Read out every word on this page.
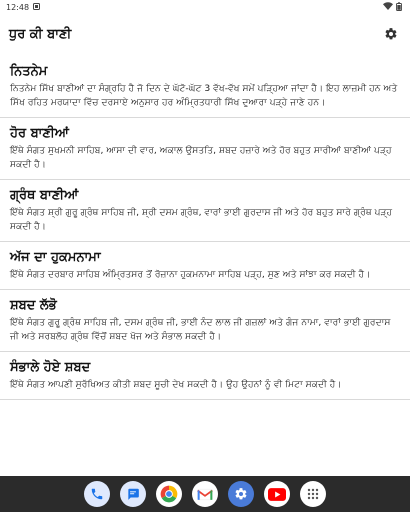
12:48
ਧੁਰ ਕੀ ਬਾਣੀ
ਨਿਤਨੇਮ
ਨਿਤਨੇਮ ਸਿੱਖ ਬਾਣੀਆਂ ਦਾ ਸੰਗ੍ਰਹਿ ਹੈ ਜੋ ਦਿਨ ਦੇ ਘੱਟੋ-ਘੱਟ 3 ਵੱਖ-ਵੱਖ ਸਮੇਂ ਪੜ੍ਹਿਆ ਜਾਂਦਾ ਹੈ। ਇਹ ਲਾਜ਼ਮੀ ਹਨ ਅਤੇ ਸਿੱਖ ਰਹਿਤ ਮਰਯਾਦਾ ਵਿੱਚ ਦਰਸਾਏ ਅਨੁਸਾਰ ਹਰ ਅੰਮ੍ਰਿਤਧਾਰੀ ਸਿੱਖ ਦੁਆਰਾ ਪੜ੍ਹੇ ਜਾਣੇ ਹਨ।
ਹੋਰ ਬਾਣੀਆਂ
ਇੱਥੇ ਸੰਗਤ ਸੁਖਮਨੀ ਸਾਹਿਬ, ਆਸਾ ਦੀ ਵਾਰ, ਅਕਾਲ ਉਸਤਤਿ, ਸ਼ਬਦ ਹਜ਼ਾਰੇ ਅਤੇ ਹੋਰ ਬਹੁਤ ਸਾਰੀਆਂ ਬਾਣੀਆਂ ਪੜ੍ਹ ਸਕਦੀ ਹੈ।
ਗ੍ਰੰਥ ਬਾਣੀਆਂ
ਇੱਥੇ ਸੰਗਤ ਸ਼੍ਰੀ ਗੁਰੂ ਗ੍ਰੰਥ ਸਾਹਿਬ ਜੀ, ਸ਼੍ਰੀ ਦਸਮ ਗ੍ਰੰਥ, ਵਾਰਾਂ ਭਾਈ ਗੁਰਦਾਸ ਜੀ ਅਤੇ ਹੋਰ ਬਹੁਤ ਸਾਰੇ ਗ੍ਰੰਥ ਪੜ੍ਹ ਸਕਦੀ ਹੈ।
ਅੱਜ ਦਾ ਹੁਕਮਨਾਮਾ
ਇੱਥੇ ਸੰਗਤ ਦਰਬਾਰ ਸਾਹਿਬ ਅੰਮ੍ਰਿਤਸਰ ਤੋਂ ਰੋਜ਼ਾਨਾ ਹੁਕਮਨਾਮਾ ਸਾਹਿਬ ਪੜ੍ਹ, ਸੁਣ ਅਤੇ ਸਾਂਝਾ ਕਰ ਸਕਦੀ ਹੈ।
ਸ਼ਬਦ ਲੱਭੋ
ਇੱਥੇ ਸੰਗਤ ਗੁਰੂ ਗ੍ਰੰਥ ਸਾਹਿਬ ਜੀ, ਦਸਮ ਗ੍ਰੰਥ ਜੀ, ਭਾਈ ਨੰਦ ਲਾਲ ਜੀ ਗਜ਼ਲਾਂ ਅਤੇ ਗੰਜ ਨਾਮਾ, ਵਾਰਾਂ ਭਾਈ ਗੁਰਦਾਸ ਜੀ ਅਤੇ ਸਰਬਲੋਹ ਗ੍ਰੰਥ ਵਿੱਚੋਂ ਸ਼ਬਦ ਖੋਜ ਅਤੇ ਸੰਭਾਲ ਸਕਦੀ ਹੈ।
ਸੰਭਾਲੇ ਹੋਏ ਸ਼ਬਦ
ਇੱਥੇ ਸੰਗਤ ਆਪਣੀ ਸੁਰੱਖਿਅਤ ਕੀਤੀ ਸ਼ਬਦ ਸੂਚੀ ਦੇਖ ਸਕਦੀ ਹੈ। ਉਹ ਉਹਨਾਂ ਨੂੰ ਵੀ ਮਿਟਾ ਸਕਦੀ ਹੈ।
